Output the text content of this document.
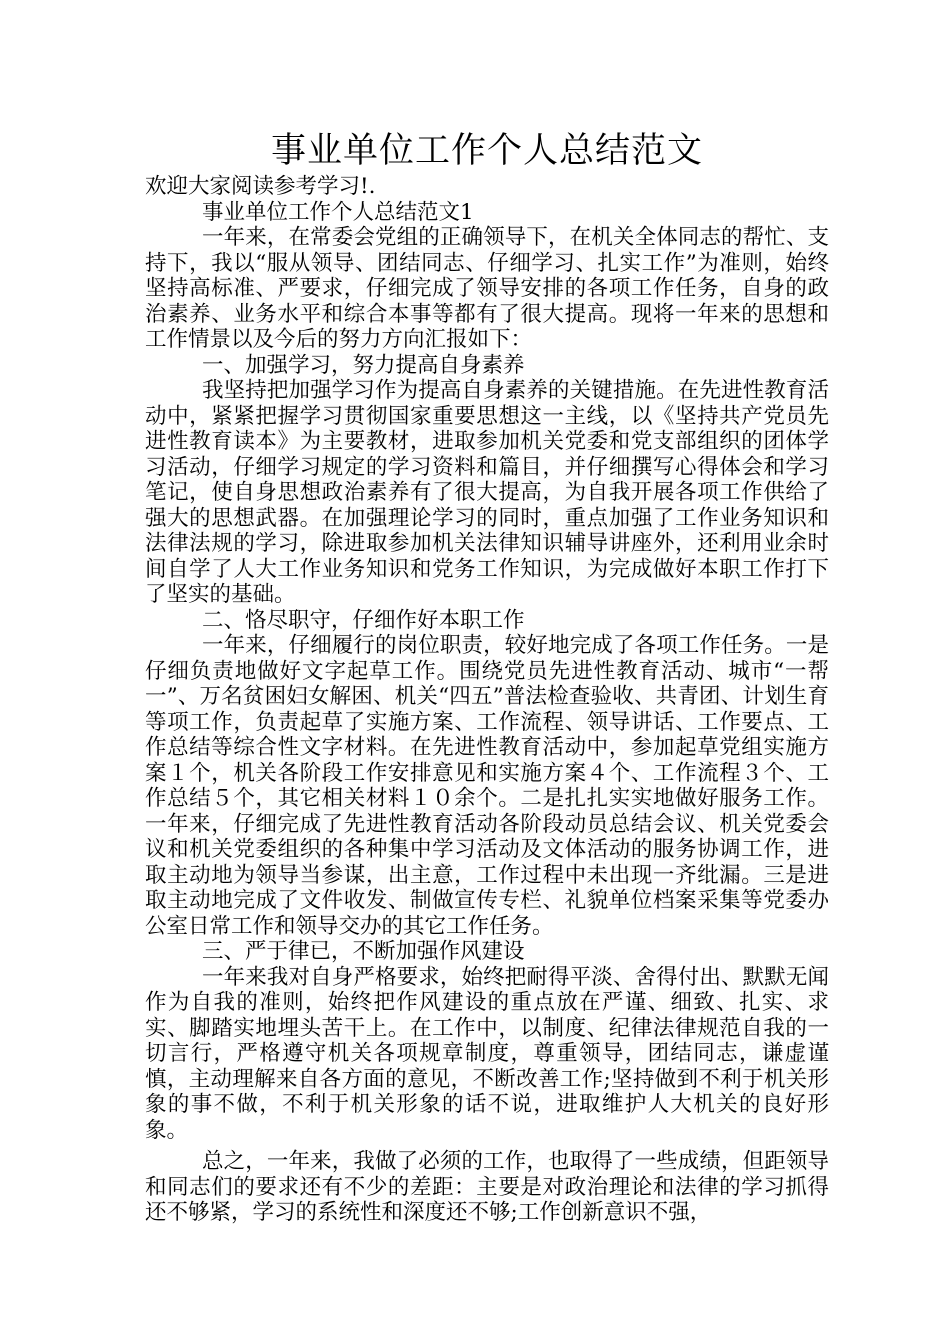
事业单位工作个人总结范文

欢迎大家阅读参考学习!.

事业单位工作个人总结范文1

一年来，在常委会党组的正确领导下，在机关全体同志的帮忙、支持下，我以“服从领导、团结同志、仔细学习、扎实工作”为准则，始终坚持高标准、严要求，仔细完成了领导安排的各项工作任务，自身的政治素养、业务水平和综合本事等都有了很大提高。现将一年来的思想和工作情景以及今后的努力方向汇报如下：

一、加强学习，努力提高自身素养

我坚持把加强学习作为提高自身素养的关键措施。在先进性教育活动中，紧紧把握学习贯彻国家重要思想这一主线，以《坚持共产党员先进性教育读本》为主要教材，进取参加机关党委和党支部组织的团体学习活动，仔细学习规定的学习资料和篇目，并仔细撰写心得体会和学习笔记，使自身思想政治素养有了很大提高，为自我开展各项工作供给了强大的思想武器。在加强理论学习的同时，重点加强了工作业务知识和法律法规的学习，除进取参加机关法律知识辅导讲座外，还利用业余时间自学了人大工作业务知识和党务工作知识，为完成做好本职工作打下了坚实的基础。

二、恪尽职守，仔细作好本职工作

一年来，仔细履行的岗位职责，较好地完成了各项工作任务。一是仔细负责地做好文字起草工作。围绕党员先进性教育活动、城市“一帮一”、万名贫困妇女解困、机关“四五”普法检查验收、共青团、计划生育等项工作，负责起草了实施方案、工作流程、领导讲话、工作要点、工作总结等综合性文字材料。在先进性教育活动中，参加起草党组实施方案１个，机关各阶段工作安排意见和实施方案４个、工作流程３个、工作总结５个，其它相关材料１０余个。二是扎扎实实地做好服务工作。一年来，仔细完成了先进性教育活动各阶段动员总结会议、机关党委会议和机关党委组织的各种集中学习活动及文体活动的服务协调工作，进取主动地为领导当参谋，出主意，工作过程中未出现一齐纰漏。三是进取主动地完成了文件收发、制做宣传专栏、礼貌单位档案采集等党委办公室日常工作和领导交办的其它工作任务。

三、严于律已，不断加强作风建设

一年来我对自身严格要求，始终把耐得平淡、舍得付出、默默无闻作为自我的准则，始终把作风建设的重点放在严谨、细致、扎实、求实、脚踏实地埋头苦干上。在工作中，以制度、纪律法律规范自我的一切言行，严格遵守机关各项规章制度，尊重领导，团结同志，谦虚谨慎，主动理解来自各方面的意见，不断改善工作;坚持做到不利于机关形象的事不做，不利于机关形象的话不说，进取维护人大机关的良好形象。

总之，一年来，我做了必须的工作，也取得了一些成绩，但距领导和同志们的要求还有不少的差距：主要是对政治理论和法律的学习抓得还不够紧，学习的系统性和深度还不够;工作创新意识不强，
